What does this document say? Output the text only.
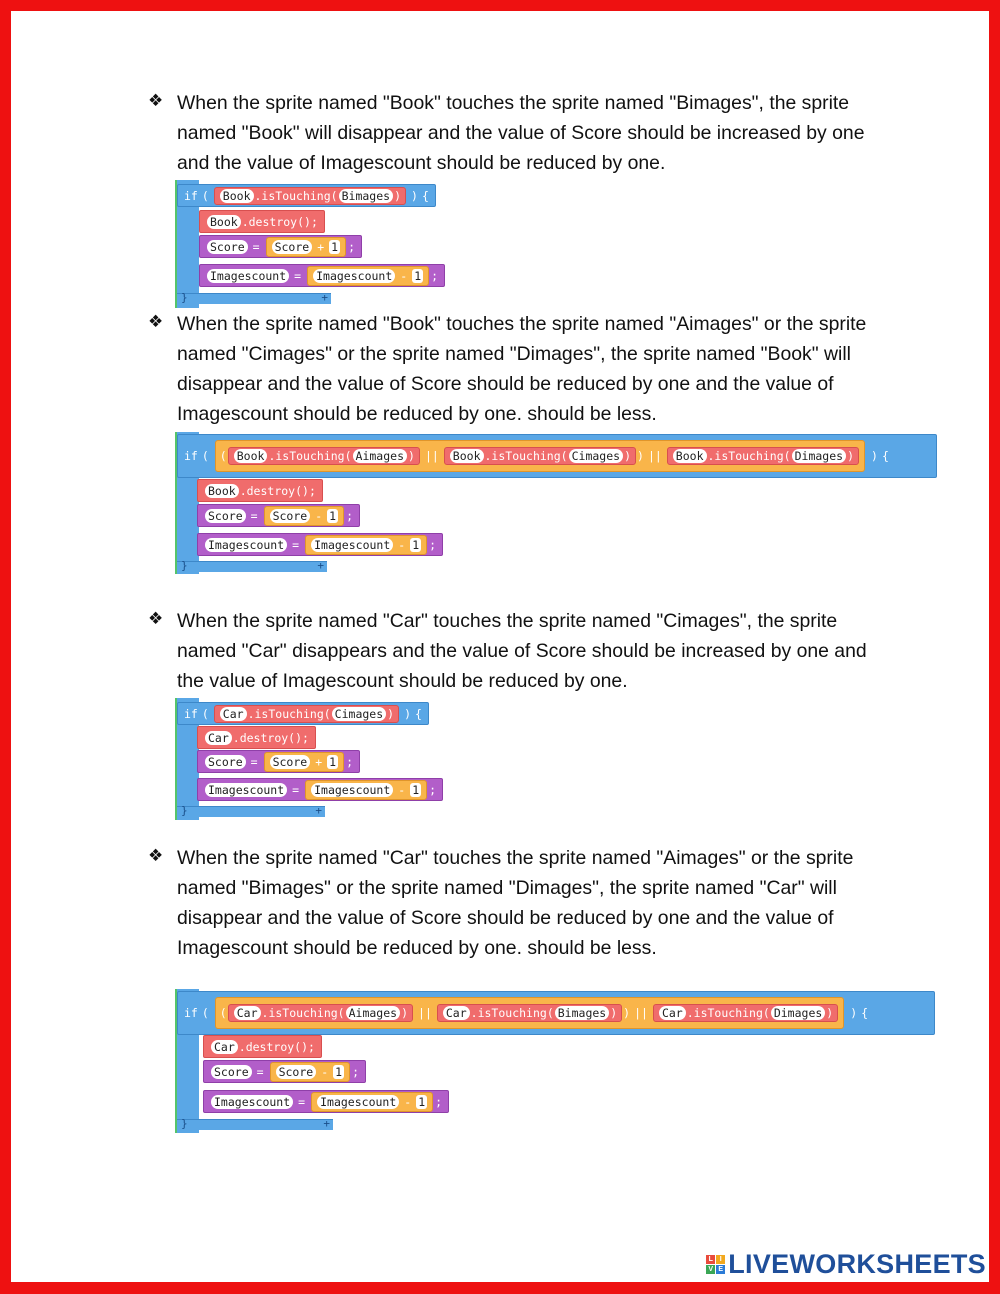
❖ When the sprite named "Book" touches the sprite named "Bimages", the sprite named "Book" will disappear and the value of Score should be increased by one and the value of Imagescount should be reduced by one.
if ( Book .isTouching( Bimages ) ) {
Book .destroy();
Score = Score + 1 ;
Imagescount = Imagescount - 1 ;
}	+
❖ When the sprite named "Book" touches the sprite named "Aimages" or the sprite named "Cimages" or the sprite named "Dimages", the sprite named "Book" will disappear and the value of Score should be reduced by one and the value of Imagescount should be reduced by one. should be less.
if ( ( Book .isTouching( Aimages ) || Book .isTouching( Cimages ) ) || Book .isTouching( Dimages ) ) {
Book .destroy();
Score = Score - 1 ;
Imagescount = Imagescount - 1 ;
}	+
❖ When the sprite named "Car" touches the sprite named "Cimages", the sprite named "Car" disappears and the value of Score should be increased by one and the value of Imagescount should be reduced by one.
if ( Car .isTouching( Cimages ) ) {
Car .destroy();
Score = Score + 1 ;
Imagescount = Imagescount - 1 ;
}	+
❖ When the sprite named "Car" touches the sprite named "Aimages" or the sprite named "Bimages" or the sprite named "Dimages", the sprite named "Car" will disappear and the value of Score should be reduced by one and the value of Imagescount should be reduced by one. should be less.
if ( ( Car .isTouching( Aimages ) || Car .isTouching( Bimages ) ) || Car .isTouching( Dimages ) ) {
Car .destroy();
Score = Score - 1 ;
Imagescount = Imagescount - 1 ;
}	+
L I
V E LIVEWORKSHEETS
